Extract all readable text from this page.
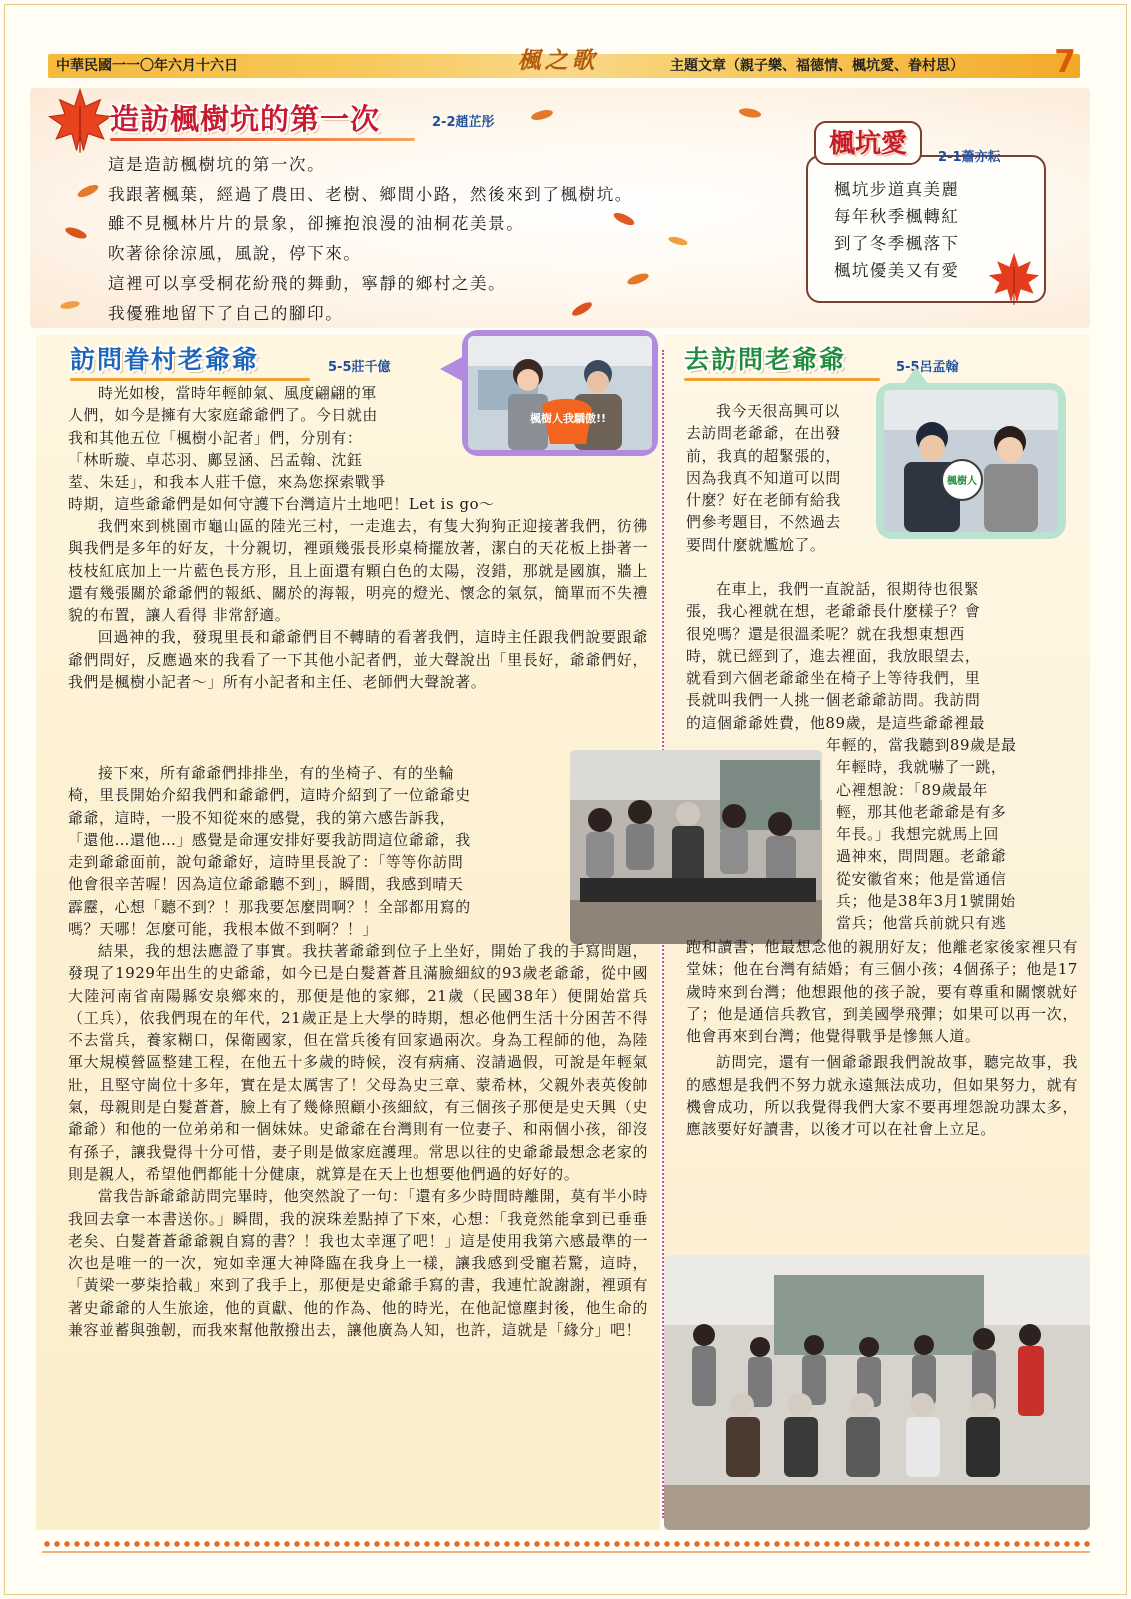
中華民國一一〇年六月十六日	楓之歌	主題文章（親子樂、福德情、楓坑愛、眷村思）	7
造訪楓樹坑的第一次	2-2趙芷彤
這是造訪楓樹坑的第一次。
我跟著楓葉，經過了農田、老樹、鄉間小路，然後來到了楓樹坑。
雖不見楓林片片的景象，卻擁抱浪漫的油桐花美景。
吹著徐徐涼風，風說，停下來。
這裡可以享受桐花紛飛的舞動，寧靜的鄉村之美。
我優雅地留下了自己的腳印。
楓坑愛	2-1蕭亦耘
楓坑步道真美麗
每年秋季楓轉紅
到了冬季楓落下
楓坑優美又有愛
訪問眷村老爺爺	5-5莊千億
楓樹人我驕傲!!
時光如梭，當時年輕帥氣、風度翩翩的軍
人們，如今是擁有大家庭爺爺們了。今日就由
我和其他五位「楓樹小記者」們，分別有：
「林昕璇、卓芯羽、鄺昱涵、呂孟翰、沈鈺
荎、朱廷」，和我本人莊千億，來為您探索戰爭
時期，這些爺爺們是如何守護下台灣這片土地吧！Let is go～

我們來到桃園市龜山區的陸光三村，一走進去，有隻大狗狗正迎接著我們，彷彿與我們是多年的好友，十分親切，裡頭幾張長形桌椅擺放著，潔白的天花板上掛著一枝枝紅底加上一片藍色長方形，且上面還有顆白色的太陽，沒錯，那就是國旗，牆上還有幾張關於爺爺們的報紙、關於的海報，明亮的燈光、懷念的氣氛，簡單而不失禮貌的布置，讓人看得 非常舒適。

回過神的我，發現里長和爺爺們目不轉睛的看著我們，這時主任跟我們說要跟爺爺們問好，反應過來的我看了一下其他小記者們，並大聲說出「里長好，爺爺們好，我們是楓樹小記者～」所有小記者和主任、老師們大聲說著。

接下來，所有爺爺們排排坐，有的坐椅子、有的坐輪
椅，里長開始介紹我們和爺爺們，這時介紹到了一位爺爺史
爺爺，這時，一股不知從來的感覺，我的第六感告訴我，
「還他…還他…」感覺是命運安排好要我訪問這位爺爺，我
走到爺爺面前，說句爺爺好，這時里長說了：「等等你訪問
他會很辛苦喔！因為這位爺爺聽不到」，瞬間，我感到晴天
霹靂，心想「聽不到？！那我要怎麼問啊？！全部都用寫的
嗎？天哪！怎麼可能，我根本做不到啊？！」

結果，我的想法應證了事實。我扶著爺爺到位子上坐好，開始了我的手寫問題，發現了1929年出生的史爺爺，如今已是白髮蒼蒼且滿臉細紋的93歲老爺爺，從中國大陸河南省南陽縣安泉鄉來的，那便是他的家鄉，21歲（民國38年）便開始當兵（工兵），依我們現在的年代，21歲正是上大學的時期，想必他們生活十分困苦不得不去當兵，養家糊口，保衛國家，但在當兵後有回家過兩次。身為工程師的他，為陸軍大規模營區整建工程，在他五十多歲的時候，沒有病痛、沒請過假，可說是年輕氣壯，且堅守崗位十多年，實在是太厲害了！父母為史三章、蒙希林，父親外表英俊帥氣，母親則是白髮蒼蒼，臉上有了幾條照顧小孩細紋，有三個孩子那便是史天興（史爺爺）和他的一位弟弟和一個妹妹。史爺爺在台灣則有一位妻子、和兩個小孩，卻沒有孫子，讓我覺得十分可惜，妻子則是做家庭護理。常思以往的史爺爺最想念老家的則是親人，希望他們都能十分健康，就算是在天上也想要他們過的好好的。

當我告訴爺爺訪問完畢時，他突然說了一句：「還有多少時間時離開，莫有半小時我回去拿一本書送你。」瞬間，我的淚珠差點掉了下來，心想：「我竟然能拿到已垂垂老矣、白髮蒼蒼爺爺親自寫的書？！我也太幸運了吧！」這是使用我第六感最準的一次也是唯一的一次，宛如幸運大神降臨在我身上一樣，讓我感到受寵若驚，這時，「黃梁一夢柒拾載」來到了我手上，那便是史爺爺手寫的書，我連忙說謝謝，裡頭有著史爺爺的人生旅途，他的貢獻、他的作為、他的時光，在他記憶塵封後，他生命的兼容並蓄與強韌，而我來幫他散撥出去，讓他廣為人知，也許，這就是「緣分」吧！

去訪問老爺爺	5-5呂孟翰
楓樹人
我今天很高興可以
去訪問老爺爺，在出發
前，我真的超緊張的，
因為我真不知道可以問
什麼？好在老師有給我
們參考題目，不然過去
要問什麼就尷尬了。
在車上，我們一直說話，很期待也很緊
張，我心裡就在想，老爺爺長什麼樣子？會
很兇嗎？還是很溫柔呢？就在我想東想西
時，就已經到了，進去裡面，我放眼望去，
就看到六個老爺爺坐在椅子上等待我們，里
長就叫我們一人挑一個老爺爺訪問。我訪問
的這個爺爺姓費，他89歲，是這些爺爺裡最
年輕的，當我聽到89歲是最
年輕時，我就嚇了一跳，
心裡想說：「89歲最年
輕，那其他老爺爺是有多
年長。」我想完就馬上回
過神來，問問題。老爺爺
從安徽省來；他是當通信
兵；他是38年3月1號開始
當兵；他當兵前就只有逃

跑和讀書；他最想念他的親朋好友；他離老家後家裡只有堂妹；他在台灣有結婚；有三個小孩；4個孫子；他是17歲時來到台灣；他想跟他的孩子說，要有尊重和關懷就好了；他是通信兵教官，到美國學飛彈；如果可以再一次，他會再來到台灣；他覺得戰爭是慘無人道。

訪問完，還有一個爺爺跟我們說故事，聽完故事，我的感想是我們不努力就永遠無法成功，但如果努力，就有機會成功，所以我覺得我們大家不要再埋怨說功課太多，應該要好好讀書，以後才可以在社會上立足。
